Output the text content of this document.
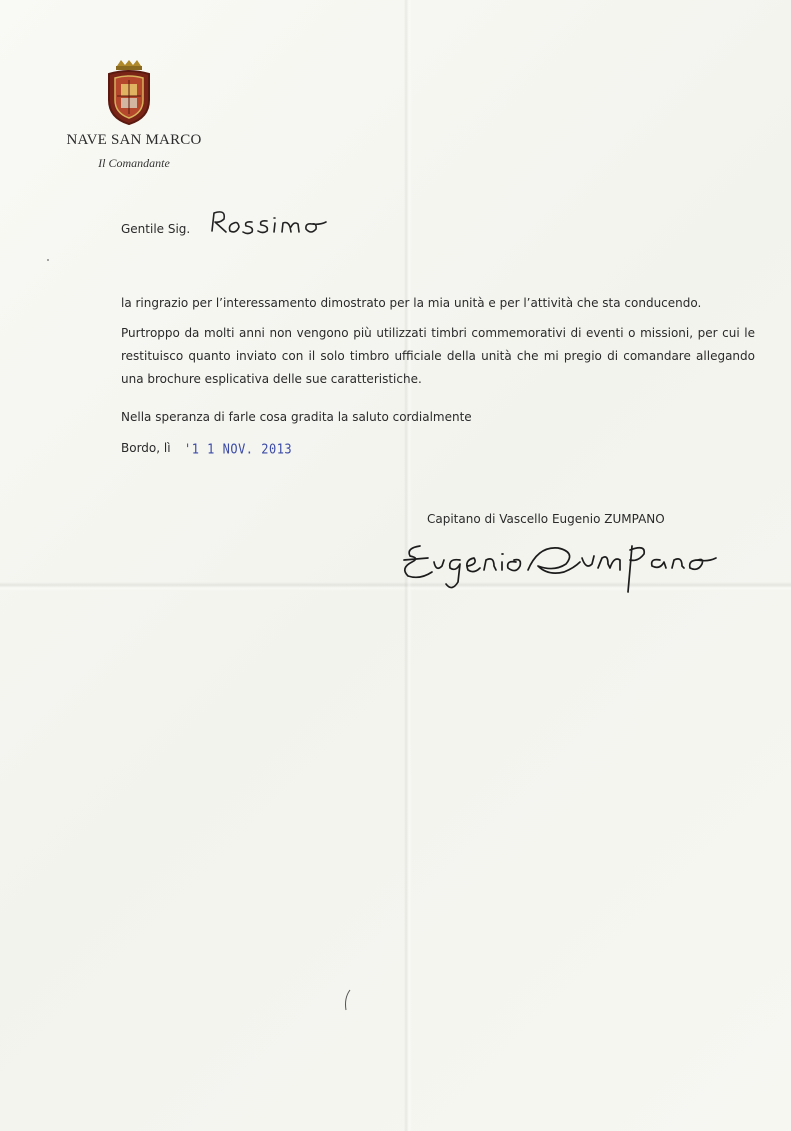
NAVE SAN MARCO
Il Comandante
Gentile Sig.
la ringrazio per l’interessamento dimostrato per la mia unità e per l’attività che sta conducendo.
Purtroppo da molti anni non vengono più utilizzati timbri commemorativi di eventi o missioni, per cui le restituisco quanto inviato con il solo timbro ufficiale della unità che mi pregio di comandare allegando una brochure esplicativa delle sue caratteristiche.
Nella speranza di farle cosa gradita la saluto cordialmente
Bordo, lì '1 1 NOV. 2013
Capitano di Vascello Eugenio ZUMPANO
